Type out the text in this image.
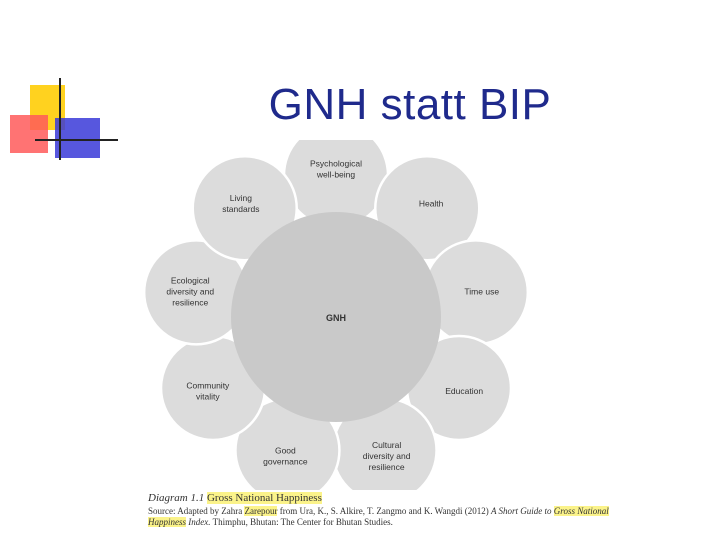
GNH statt BIP
GNH
Psychological well-being
Health
Time use
Education
Cultural diversity and resilience
Good governance
Community vitality
Ecological diversity and resilience
Living standards
Diagram 1.1 Gross National Happiness
Source: Adapted by Zahra Zarepour from Ura, K., S. Alkire, T. Zangmo and K. Wangdi (2012) A Short Guide to Gross National Happiness Index. Thimphu, Bhutan: The Center for Bhutan Studies.
